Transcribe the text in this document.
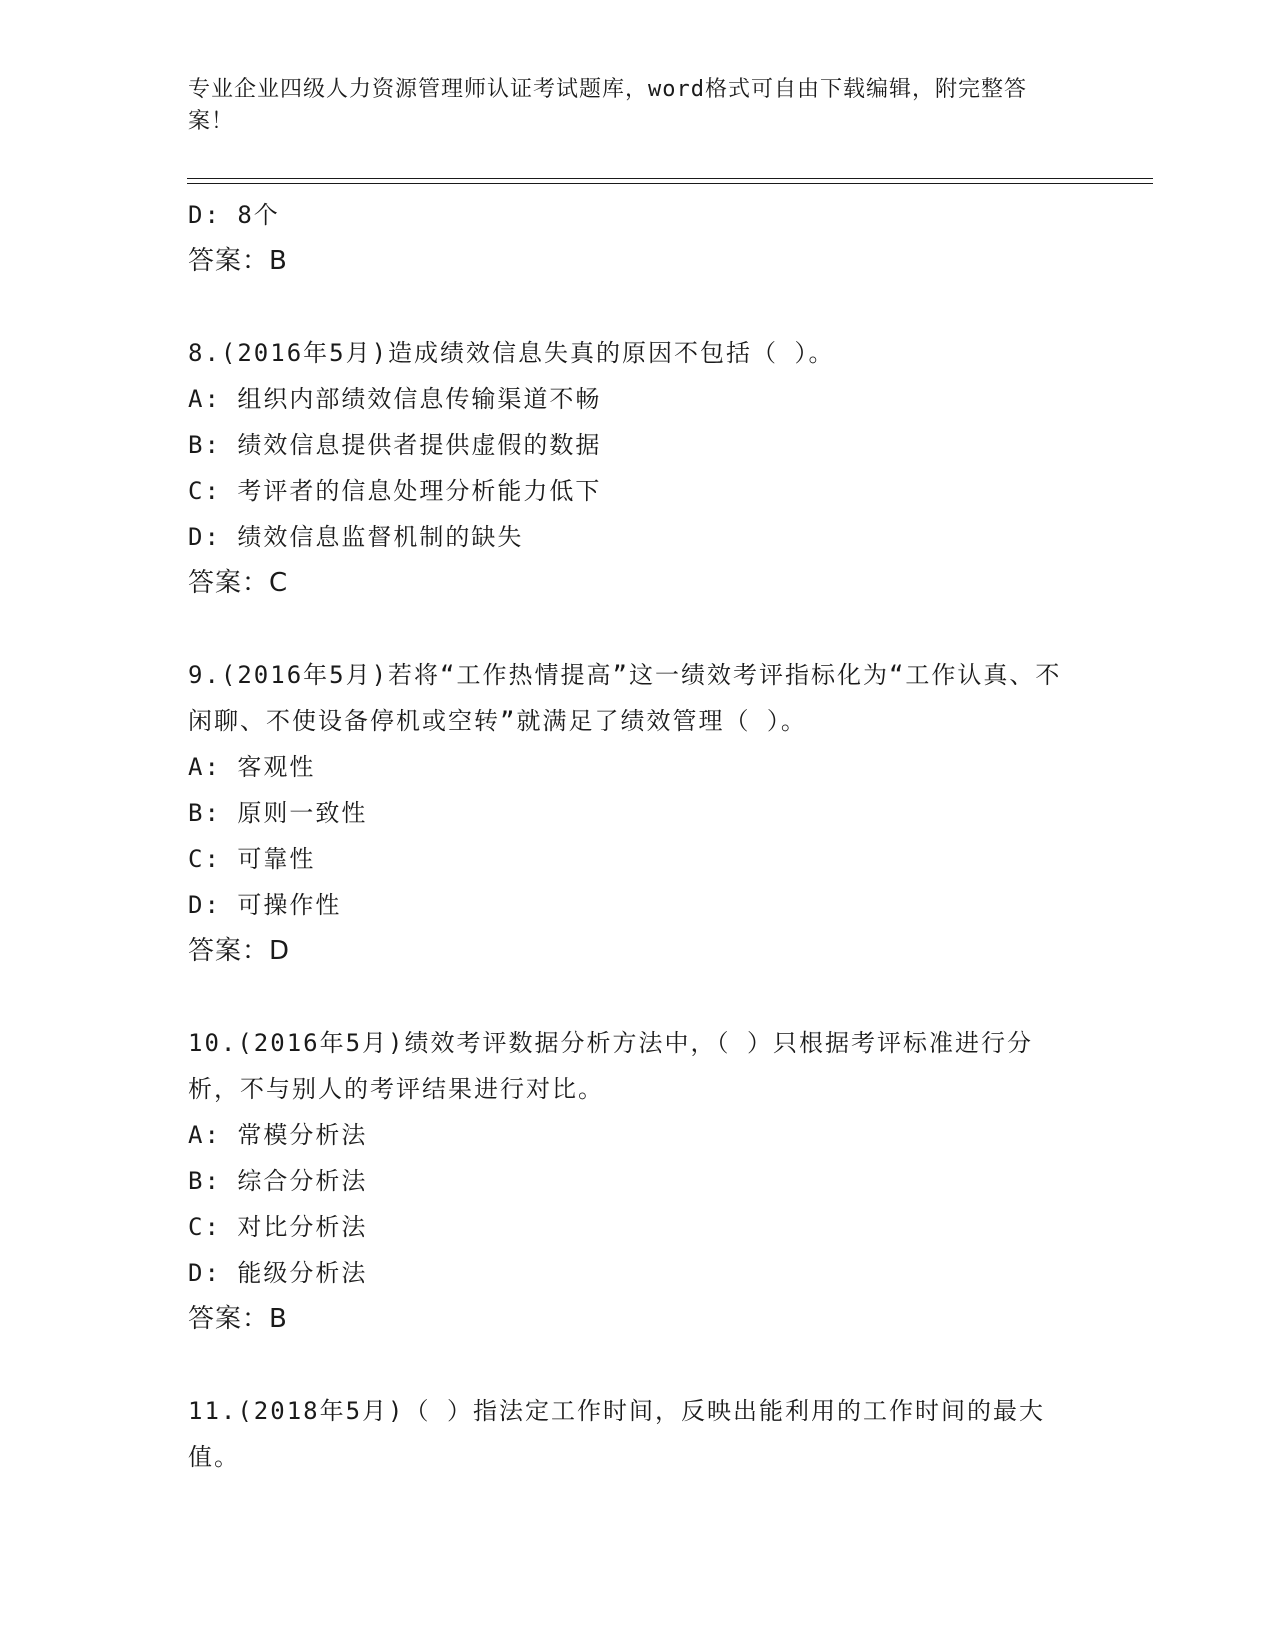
专业企业四级人力资源管理师认证考试题库，word格式可自由下载编辑，附完整答案！
D: 8个
答案：B
8.(2016年5月)造成绩效信息失真的原因不包括（ ）。
A: 组织内部绩效信息传输渠道不畅
B: 绩效信息提供者提供虚假的数据
C: 考评者的信息处理分析能力低下
D: 绩效信息监督机制的缺失
答案：C
9.(2016年5月)若将“工作热情提高”这一绩效考评指标化为“工作认真、不闲聊、不使设备停机或空转”就满足了绩效管理（ ）。
A: 客观性
B: 原则一致性
C: 可靠性
D: 可操作性
答案：D
10.(2016年5月)绩效考评数据分析方法中，（ ）只根据考评标准进行分析，不与别人的考评结果进行对比。
A: 常模分析法
B: 综合分析法
C: 对比分析法
D: 能级分析法
答案：B
11.(2018年5月)（ ）指法定工作时间，反映出能利用的工作时间的最大值。
